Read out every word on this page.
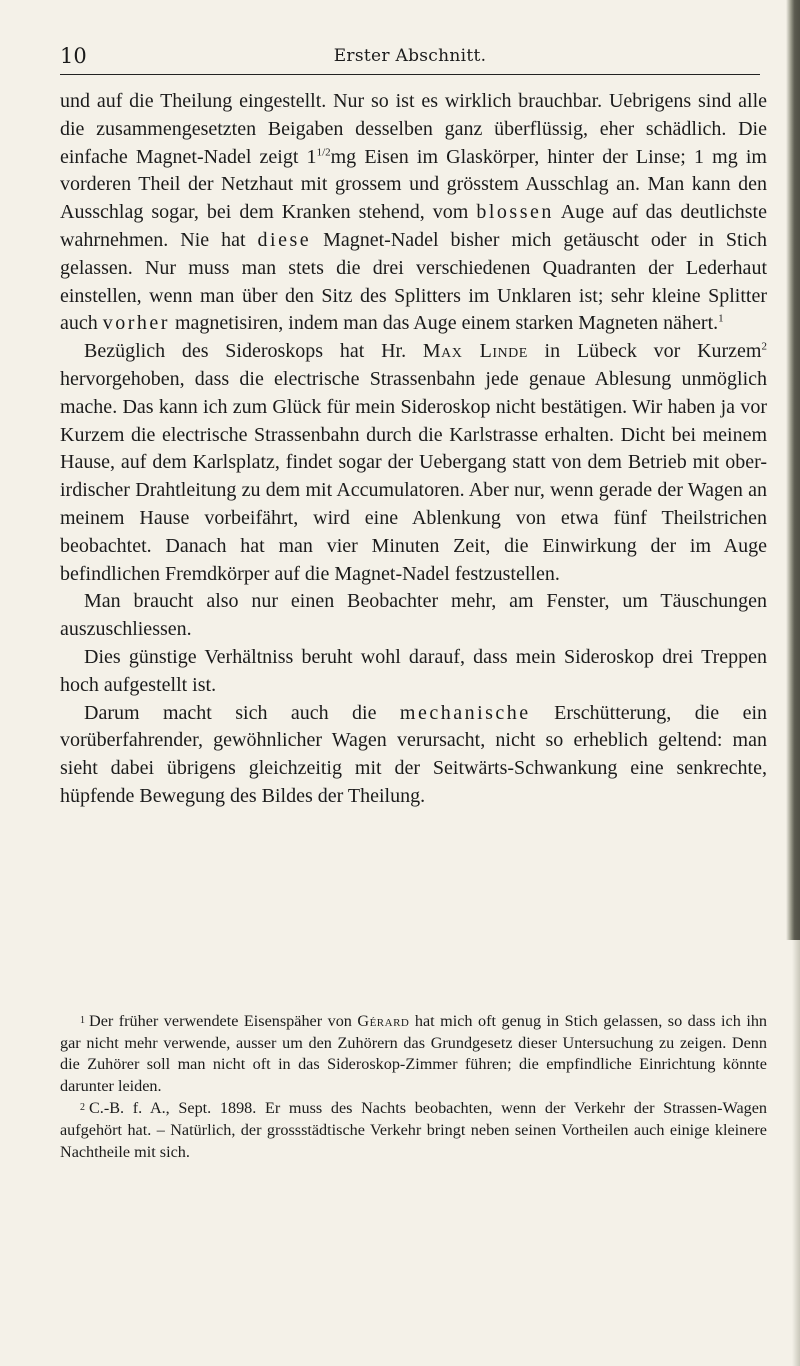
10	Erster Abschnitt.

und auf die Theilung eingestellt. Nur so ist es wirklich brauchbar. Uebrigens sind alle die zusammengesetzten Beigaben desselben ganz überflüssig, eher schädlich. Die einfache Magnet-Nadel zeigt $1^{1/2}mg$ Eisen im Glaskörper, hinter der Linse; 1 mg im vorderen Theil der Netzhaut mit grossem und grösstem Ausschlag an. Man kann den Ausschlag sogar, bei dem Kranken stehend, vom blossen Auge auf das deutlichste wahrnehmen. Nie hat diese Magnet-Nadel bisher mich getäuscht oder in Stich gelassen. Nur muss man stets die drei verschiedenen Quadranten der Lederhaut einstellen, wenn man über den Sitz des Splitters im Unklaren ist; sehr kleine Splitter auch vorher magnetisiren, indem man das Auge einem starken Magneten nähert.$^1$

Bezüglich des Sideroskops hat Hr. Max Linde in Lübeck vor Kurzem$^2$ hervorgehoben, dass die electrische Strassenbahn jede genaue Ablesung unmöglich mache. Das kann ich zum Glück für mein Sideroskop nicht bestätigen. Wir haben ja vor Kurzem die electrische Strassenbahn durch die Karlstrasse erhalten. Dicht bei meinem Hause, auf dem Karlsplatz, findet sogar der Uebergang statt von dem Betrieb mit ober-irdischer Drahtleitung zu dem mit Accumulatoren. Aber nur, wenn gerade der Wagen an meinem Hause vorbeifährt, wird eine Ablenkung von etwa fünf Theilstrichen beobachtet. Danach hat man vier Minuten Zeit, die Einwirkung der im Auge befindlichen Fremdkörper auf die Magnet-Nadel festzustellen.

Man braucht also nur einen Beobachter mehr, am Fenster, um Täuschungen auszuschliessen.

Dies günstige Verhältniss beruht wohl darauf, dass mein Sideroskop drei Treppen hoch aufgestellt ist.

Darum macht sich auch die mechanische Erschütterung, die ein vorüberfahrender, gewöhnlicher Wagen verursacht, nicht so erheblich geltend: man sieht dabei übrigens gleichzeitig mit der Seitwärts-Schwankung eine senkrechte, hüpfende Bewegung des Bildes der Theilung.

1 Der früher verwendete Eisenspäher von Gérard hat mich oft genug in Stich gelassen, so dass ich ihn gar nicht mehr verwende, ausser um den Zuhörern das Grundgesetz dieser Untersuchung zu zeigen. Denn die Zuhörer soll man nicht oft in das Sideroskop-Zimmer führen; die empfindliche Einrichtung könnte darunter leiden.

2 C.-B. f. A., Sept. 1898. Er muss des Nachts beobachten, wenn der Verkehr der Strassen-Wagen aufgehört hat. – Natürlich, der grossstädtische Verkehr bringt neben seinen Vortheilen auch einige kleinere Nachtheile mit sich.
